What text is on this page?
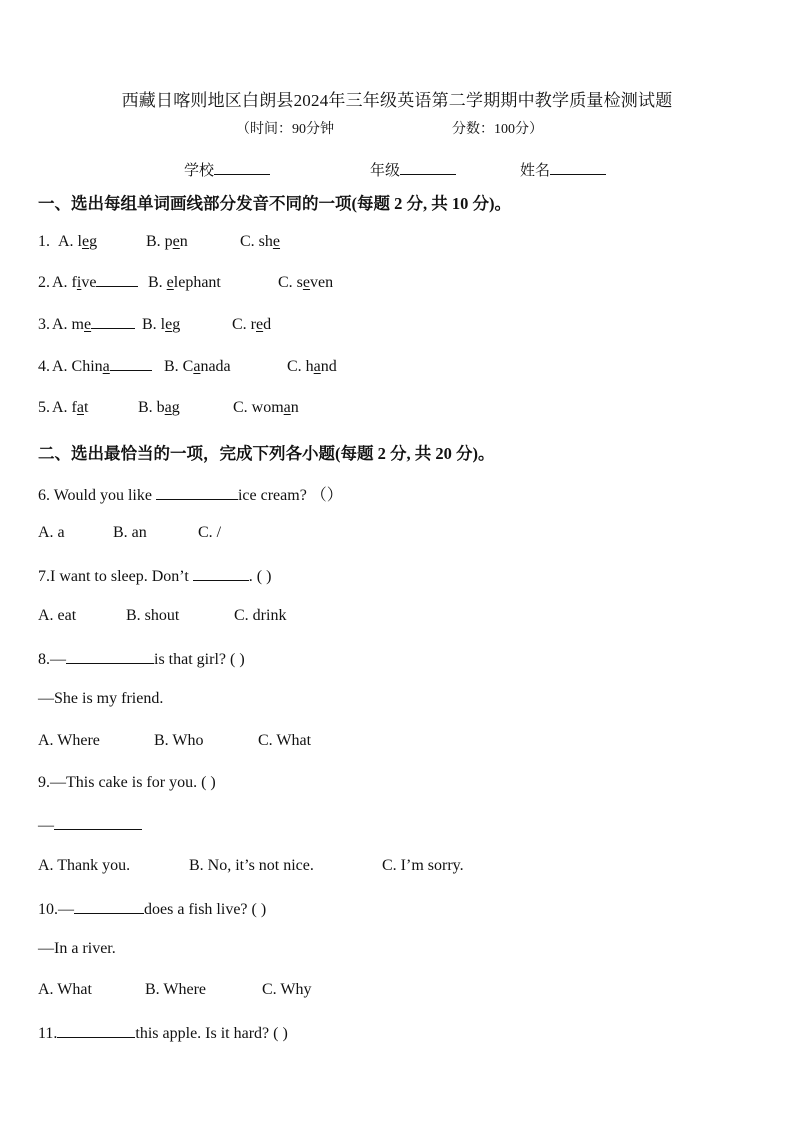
西藏日喀则地区白朗县2024年三年级英语第二学期期中教学质量检测试题
（时间：90分钟	分数：100分）
学校	年级	姓名
一、选出每组单词画线部分发音不同的一项(每题 2 分, 共 10 分)。
1. A. leg	B. pen	C. she
2. A. five	B. elephant	C. seven
3. A. me	B. leg	C. red
4. A. China	B. Canada	C. hand
5. A. fat	B. bag	C. woman
二、选出最恰当的一项，完成下列各小题(每题 2 分, 共 20 分)。
6. Would you like	ice cream? （）
A. a	B. an	C. /
7.I want to sleep. Don’t	. ( )
A. eat	B. shout	C. drink
8.—	is that girl? ( )
—She is my friend.
A. Where	B. Who	C. What
9.—This cake is for you. ( )
—
A. Thank you.	B. No, it’s not nice.	C. I’m sorry.
10.—	does a fish live? ( )
—In a river.
A. What	B. Where	C. Why
11.	this apple. Is it hard? ( )
